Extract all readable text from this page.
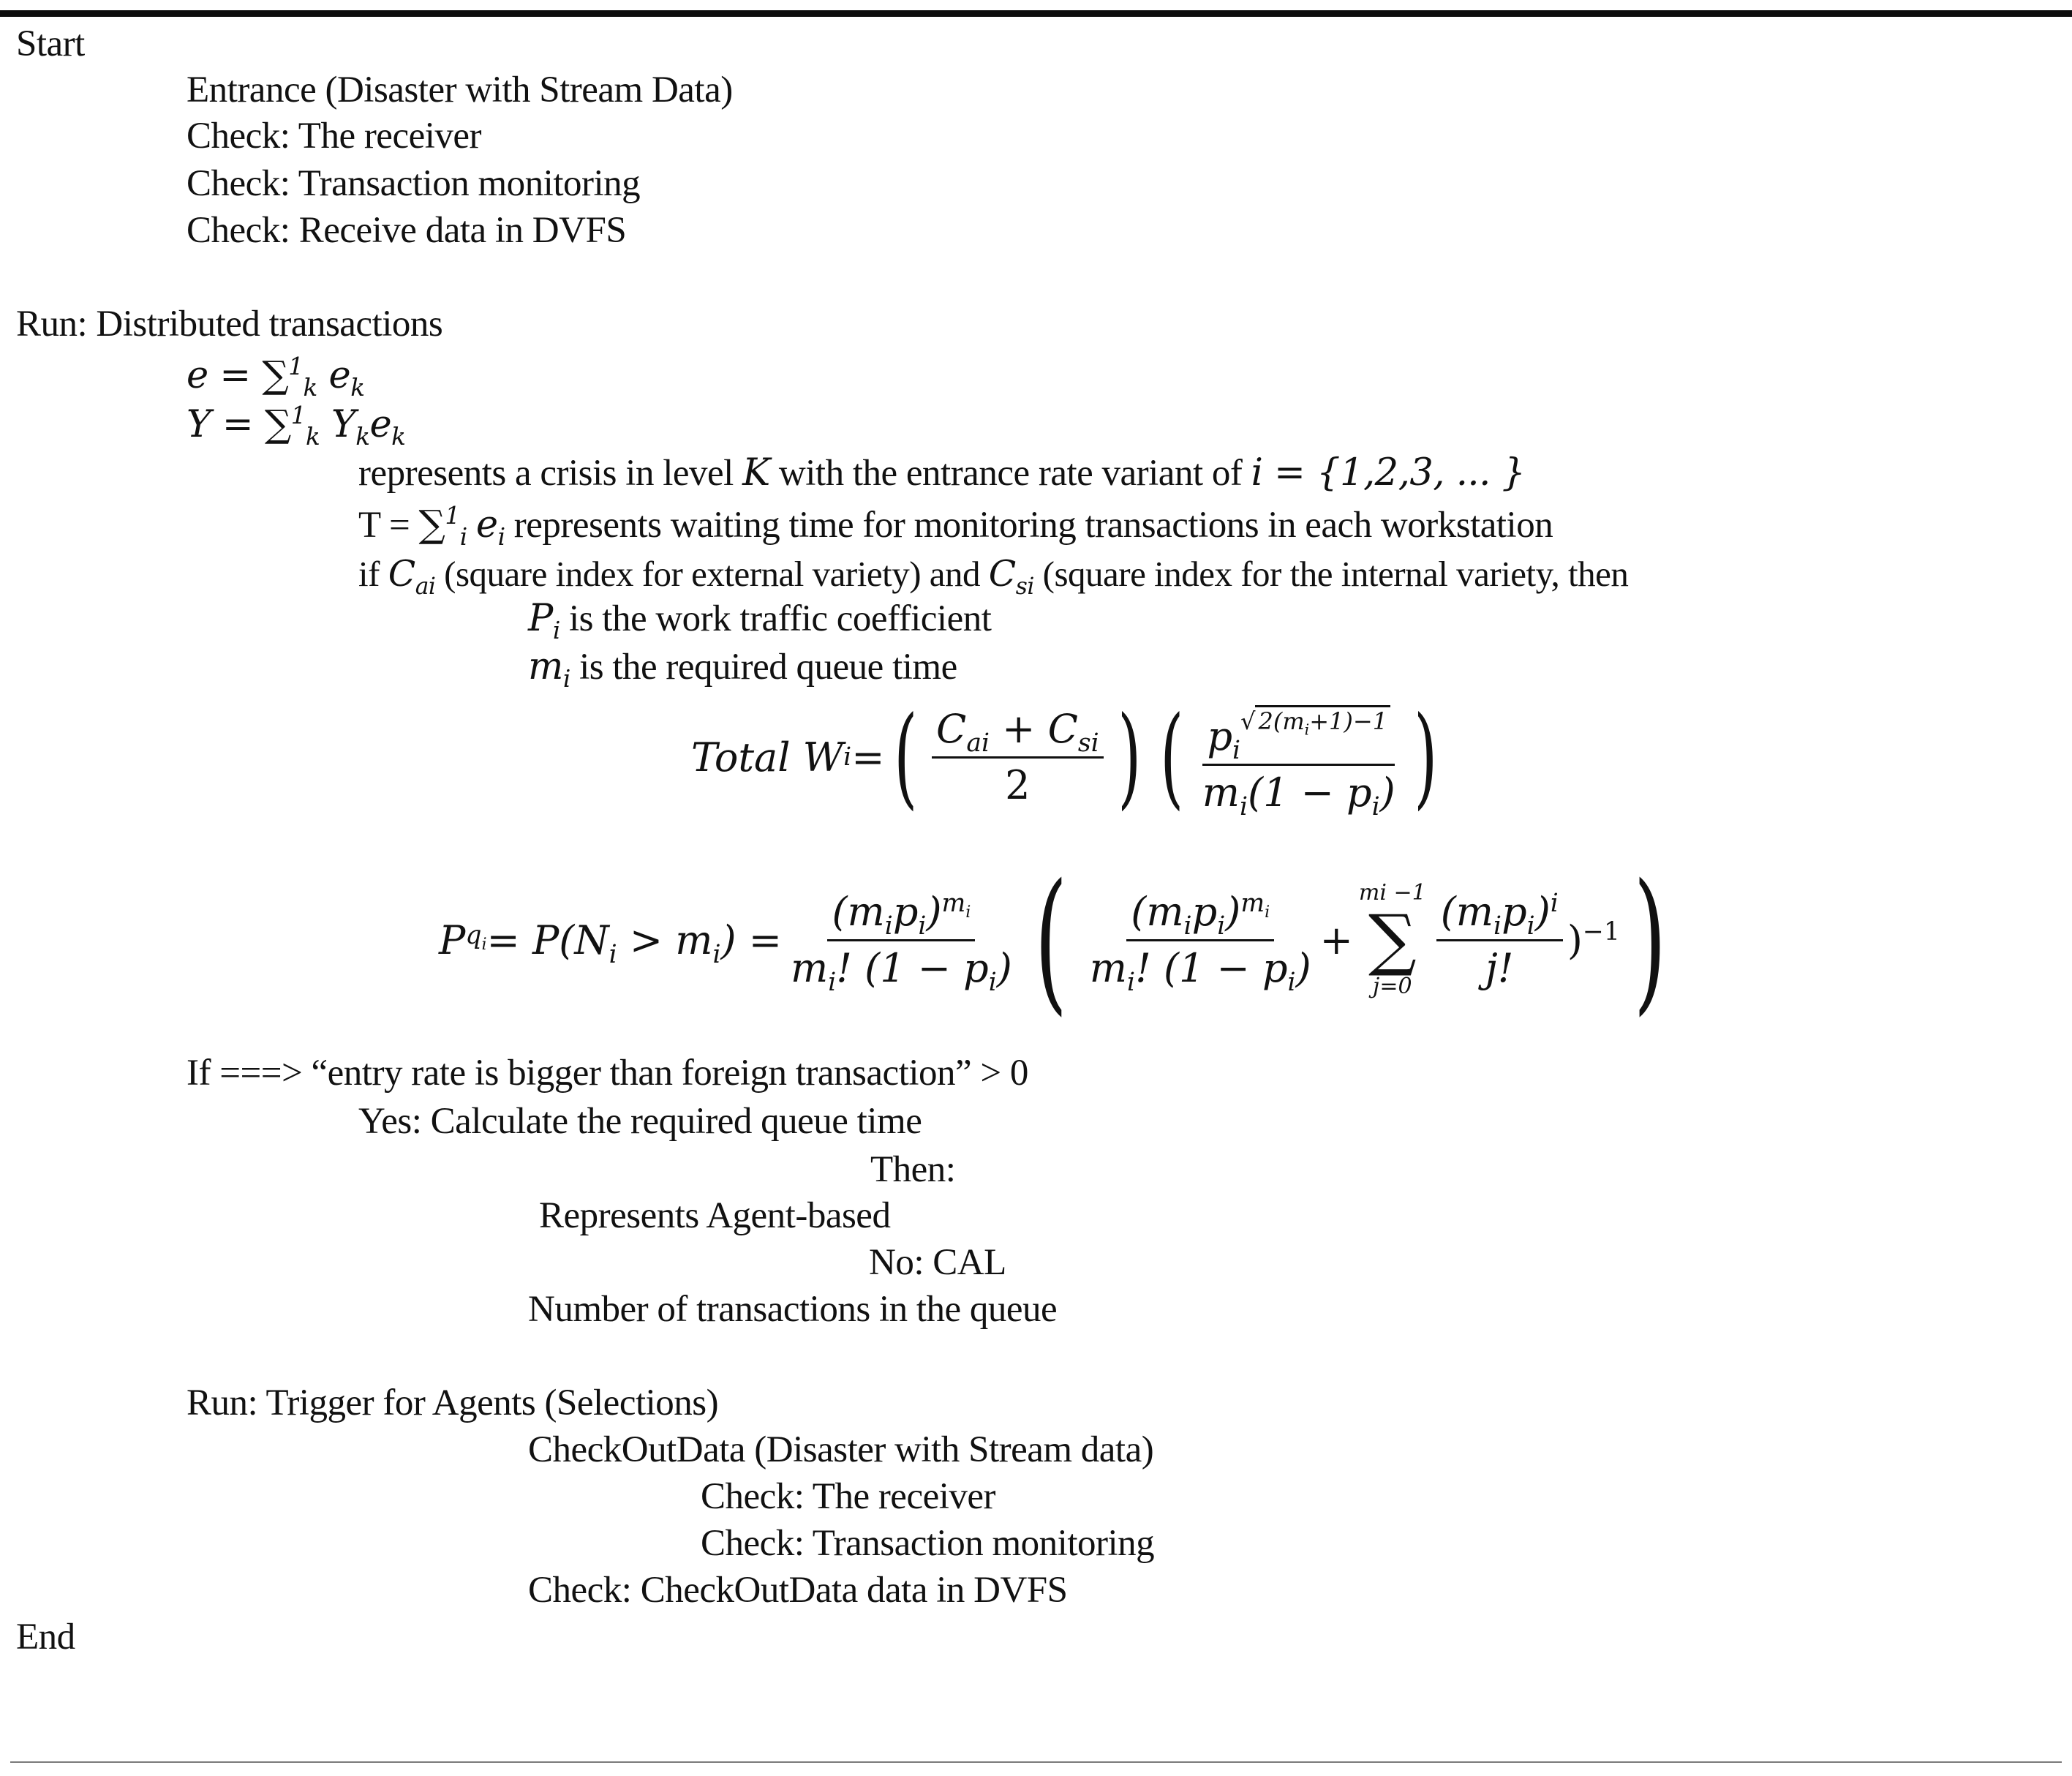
Start
Entrance (Disaster with Stream Data)
Check: The receiver
Check: Transaction monitoring
Check: Receive data in DVFS
Run: Distributed transactions
e = ∑$^1_k$ $e_k$
Y = ∑$^1_k$ $Y_ke_k$
represents a crisis in level K with the entrance rate variant of i = {1,2,3, ... }
T = ∑$^1_i$ $e_i$ represents waiting time for monitoring transactions in each workstation
if $C_{ai}$ (square index for external variety) and $C_{si}$ (square index for the internal variety, then
$P_i$ is the work traffic coefficient
$m_i$ is the required queue time
Total W i = ( $\frac{C_{ai} + C_{si}}{2}$ ) ( $\frac{p_i√ 2(m_i+1)-1}{m_i(1 - p_i)}$ )
P $q_i = P(N_i > m_i) = \frac{(m_ip_i)^{m_i}}{m_i! (1 - p_i)}$ ( $\frac{(m_ip_i)^{m_i}}{m_i! (1 - p_i)}$ +
mi −1
∑
$j=0 \frac{(m_ip_i)^i}{j!} )^{-1}$ )
If ===> “entry rate is bigger than foreign transaction” > 0
Yes: Calculate the required queue time
Then:
Represents Agent-based
No: CAL
Number of transactions in the queue
Run: Trigger for Agents (Selections)
CheckOutData (Disaster with Stream data)
Check: The receiver
Check: Transaction monitoring
Check: CheckOutData data in DVFS
End
